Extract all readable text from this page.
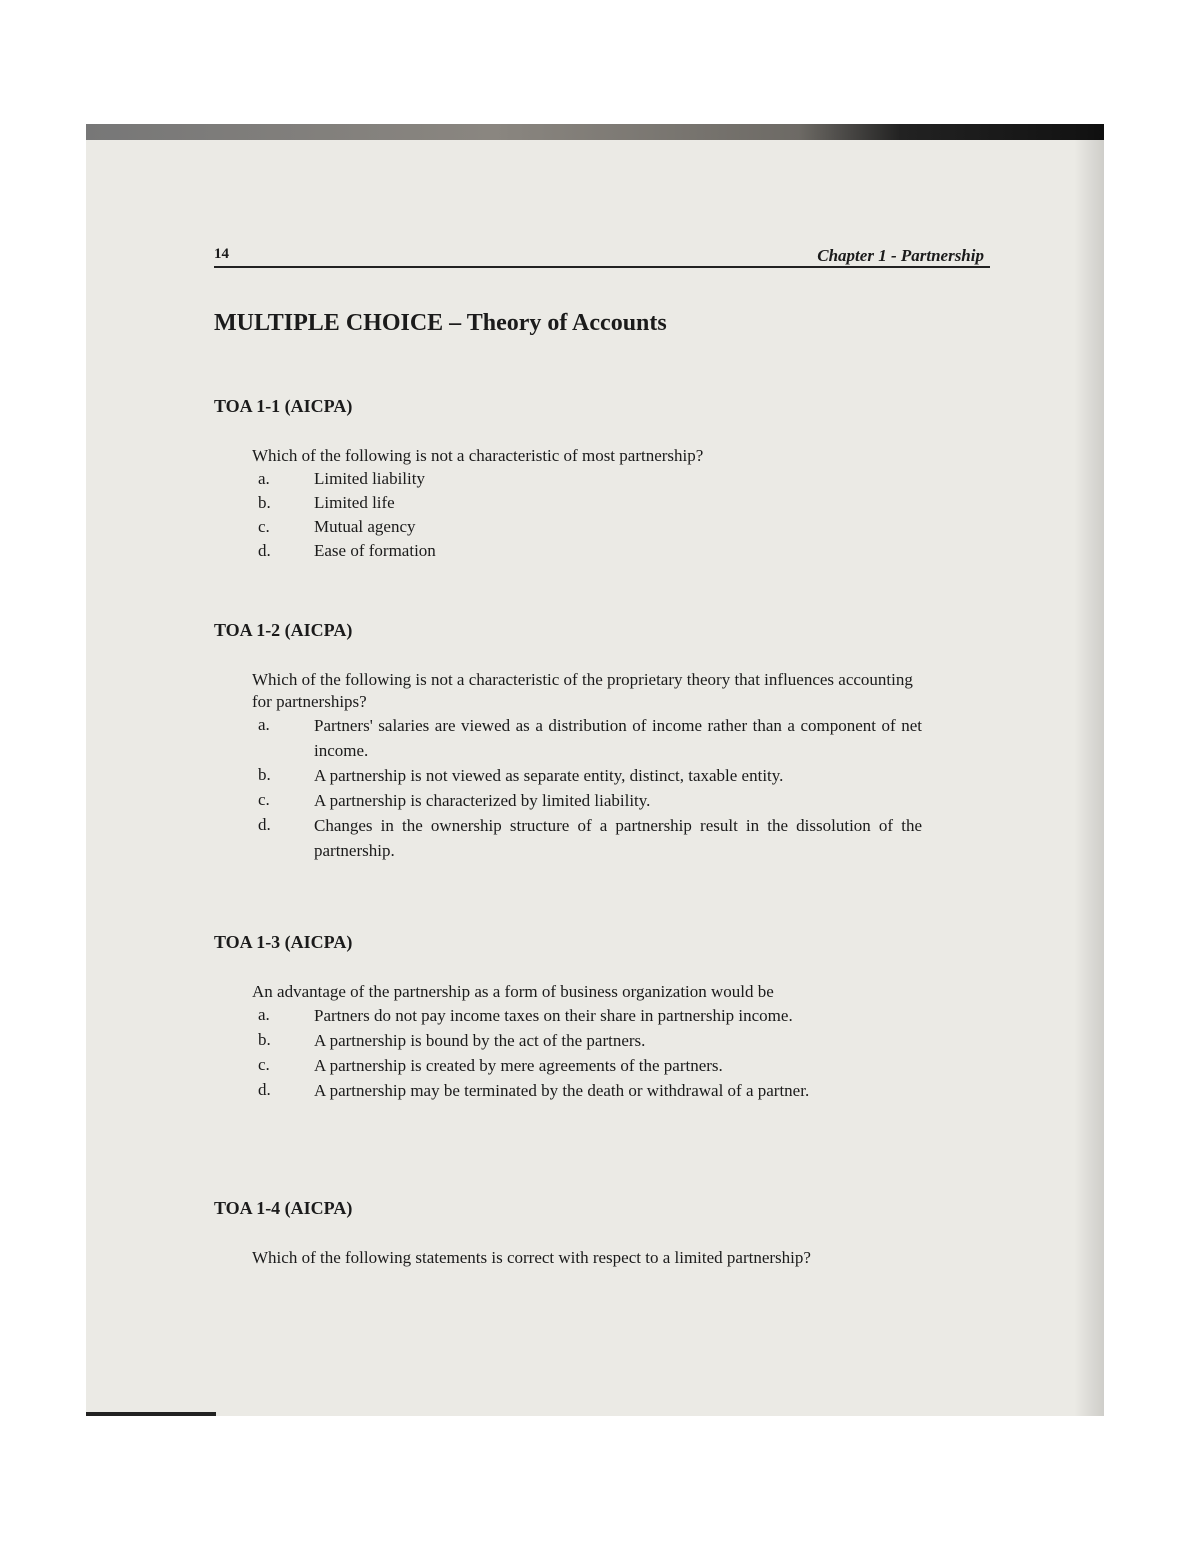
14	Chapter 1 - Partnership
MULTIPLE CHOICE – Theory of Accounts
TOA 1-1 (AICPA)
Which of the following is not a characteristic of most partnership?
a.	Limited liability
b.	Limited life
c.	Mutual agency
d.	Ease of formation
TOA 1-2 (AICPA)
Which of the following is not a characteristic of the proprietary theory that influences accounting for partnerships?
a.	Partners' salaries are viewed as a distribution of income rather than a component of net income.
b.	A partnership is not viewed as separate entity, distinct, taxable entity.
c.	A partnership is characterized by limited liability.
d.	Changes in the ownership structure of a partnership result in the dissolution of the partnership.
TOA 1-3 (AICPA)
An advantage of the partnership as a form of business organization would be
a.	Partners do not pay income taxes on their share in partnership income.
b.	A partnership is bound by the act of the partners.
c.	A partnership is created by mere agreements of the partners.
d.	A partnership may be terminated by the death or withdrawal of a partner.
TOA 1-4 (AICPA)
Which of the following statements is correct with respect to a limited partnership?
